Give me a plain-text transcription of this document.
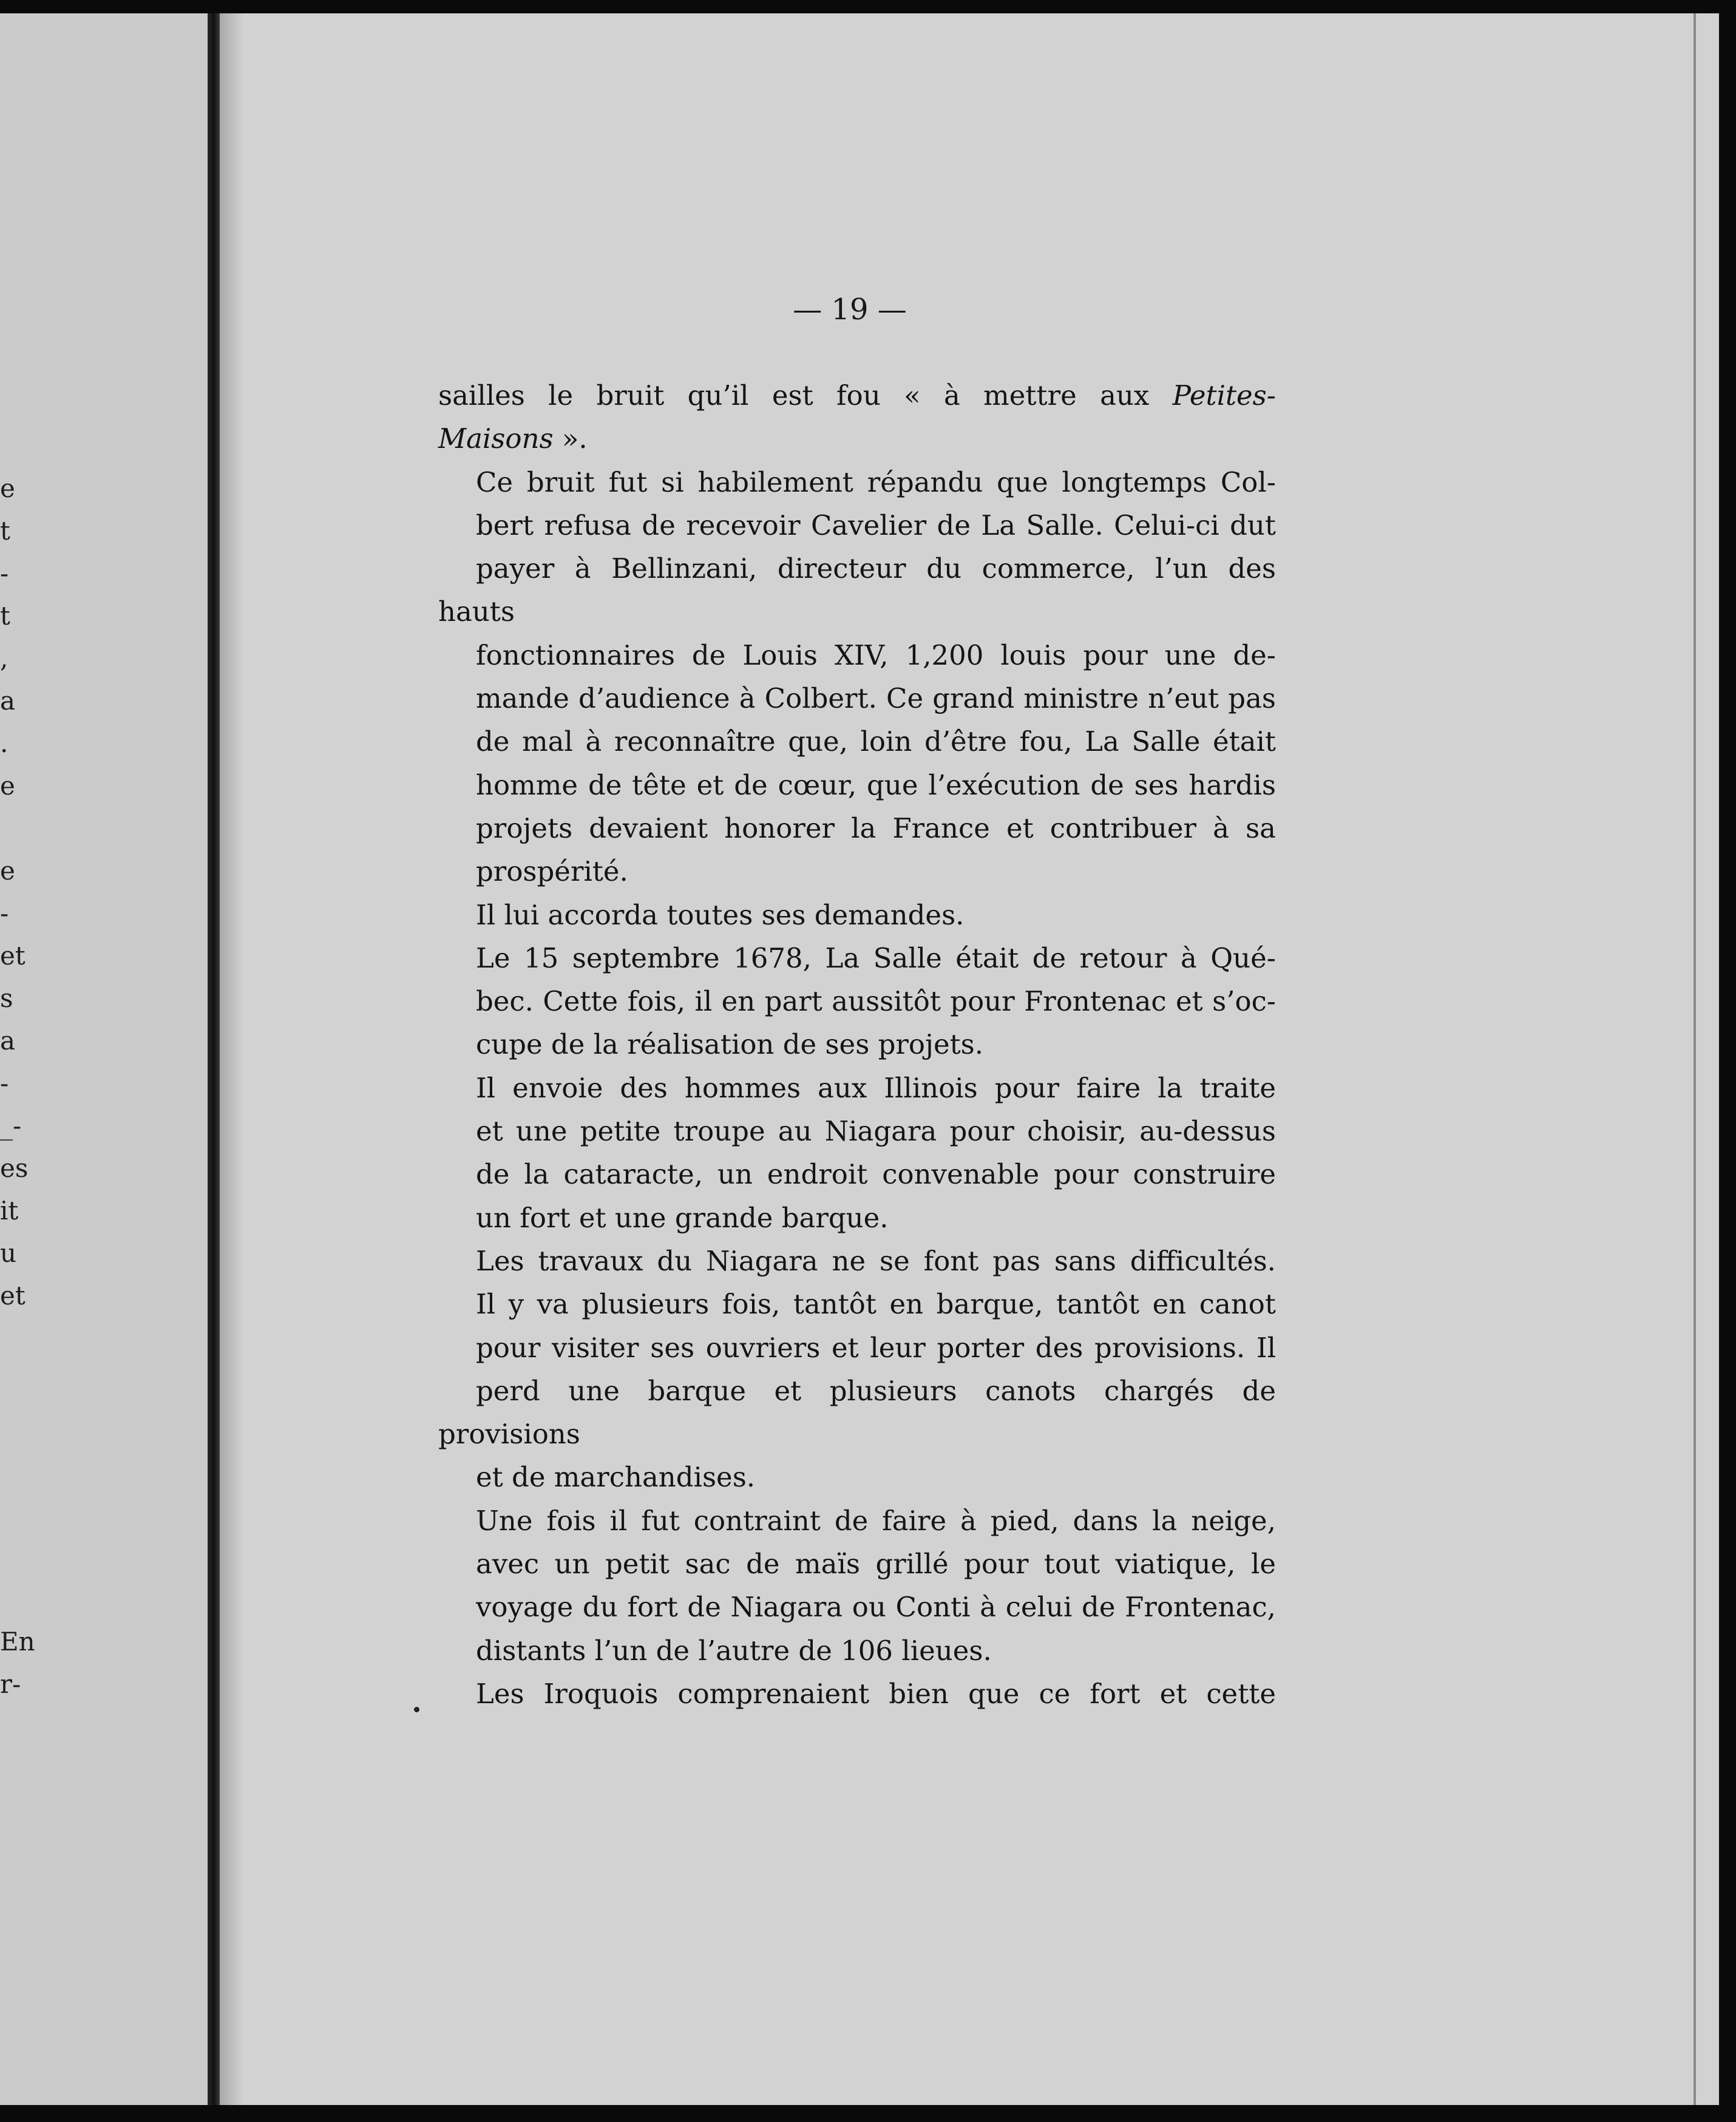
e
t
-
t
,
a
.
e
e
-
et
s
a
-
_-
es
it
u
et
En
r-
— 19 —
sailles le bruit qu’il est fou « à mettre aux Petites-
Maisons ».
Ce bruit fut si habilement répandu que longtemps Col-
bert refusa de recevoir Cavelier de La Salle. Celui-ci dut
payer à Bellinzani, directeur du commerce, l’un des hauts
fonctionnaires de Louis XIV, 1,200 louis pour une de-
mande d’audience à Colbert. Ce grand ministre n’eut pas
de mal à reconnaître que, loin d’être fou, La Salle était
homme de tête et de cœur, que l’exécution de ses hardis
projets devaient honorer la France et contribuer à sa
prospérité.
Il lui accorda toutes ses demandes.
Le 15 septembre 1678, La Salle était de retour à Qué-
bec. Cette fois, il en part aussitôt pour Frontenac et s’oc-
cupe de la réalisation de ses projets.
Il envoie des hommes aux Illinois pour faire la traite
et une petite troupe au Niagara pour choisir, au-dessus
de la cataracte, un endroit convenable pour construire
un fort et une grande barque.
Les travaux du Niagara ne se font pas sans difficultés.
Il y va plusieurs fois, tantôt en barque, tantôt en canot
pour visiter ses ouvriers et leur porter des provisions. Il
perd une barque et plusieurs canots chargés de provisions
et de marchandises.
Une fois il fut contraint de faire à pied, dans la neige,
avec un petit sac de maïs grillé pour tout viatique, le
voyage du fort de Niagara ou Conti à celui de Frontenac,
distants l’un de l’autre de 106 lieues.
Les Iroquois comprenaient bien que ce fort et cette
